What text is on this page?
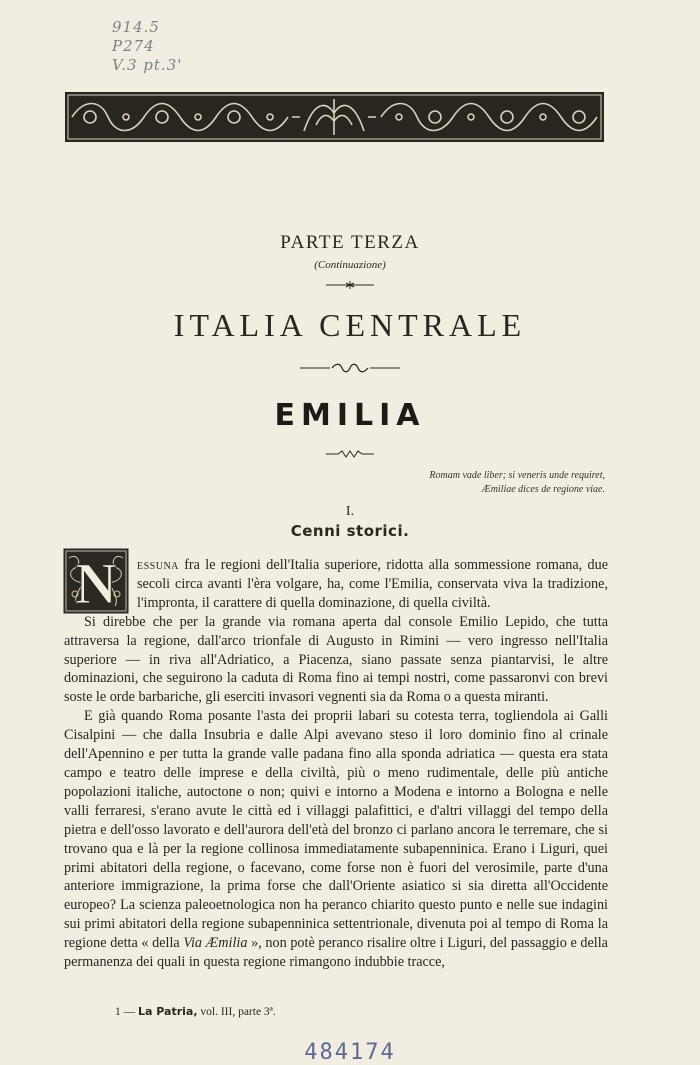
914.5
P274
V.3 pt.3'
PARTE TERZA
(Continuazione)
ITALIA CENTRALE
EMILIA
Romam vade liber; si veneris unde requiret,
Æmiliae dices de regione viae.
I.
Cenni storici.
N	essuna fra le regioni dell'Italia superiore, ridotta alla sommessione romana, due secoli circa avanti l'èra volgare, ha, come l'Emilia, conservata viva la tradizione, l'impronta, il carattere di quella dominazione, di quella civiltà.

Si direbbe che per la grande via romana aperta dal console Emilio Lepido, che tutta attraversa la regione, dall'arco trionfale di Augusto in Rimini — vero ingresso nell'Italia superiore — in riva all'Adriatico, a Piacenza, siano passate senza piantarvisi, le altre dominazioni, che seguirono la caduta di Roma fino ai tempi nostri, come passaronvi con brevi soste le orde barbariche, gli eserciti invasori vegnenti sia da Roma o a questa miranti.

E già quando Roma posante l'asta dei proprii labari su cotesta terra, togliendola ai Galli Cisalpini — che dalla Insubria e dalle Alpi avevano steso il loro dominio fino al crinale dell'Apennino e per tutta la grande valle padana fino alla sponda adriatica — questa era stata campo e teatro delle imprese e della civiltà, più o meno rudimentale, delle più antiche popolazioni italiche, autoctone o non; quivi e intorno a Modena e intorno a Bologna e nelle valli ferraresi, s'erano avute le città ed i villaggi palafittici, e d'altri villaggi del tempo della pietra e dell'osso lavorato e dell'aurora dell'età del bronzo ci parlano ancora le terremare, che si trovano qua e là per la regione collinosa immediatamente subapenninica. Erano i Liguri, quei primi abitatori della regione, o facevano, come forse non è fuori del verosimile, parte d'una anteriore immigrazione, la prima forse che dall'Oriente asiatico si sia diretta all'Occidente europeo? La scienza paleoetnologica non ha peranco chiarito questo punto e nelle sue indagini sui primi abitatori della regione subapenninica settentrionale, divenuta poi al tempo di Roma la regione detta « della Via Æmilia », non potè peranco risalire oltre i Liguri, del passaggio e della permanenza dei quali in questa regione rimangono indubbie tracce,

1 — La Patria, vol. III, parte 3ª.
484174
